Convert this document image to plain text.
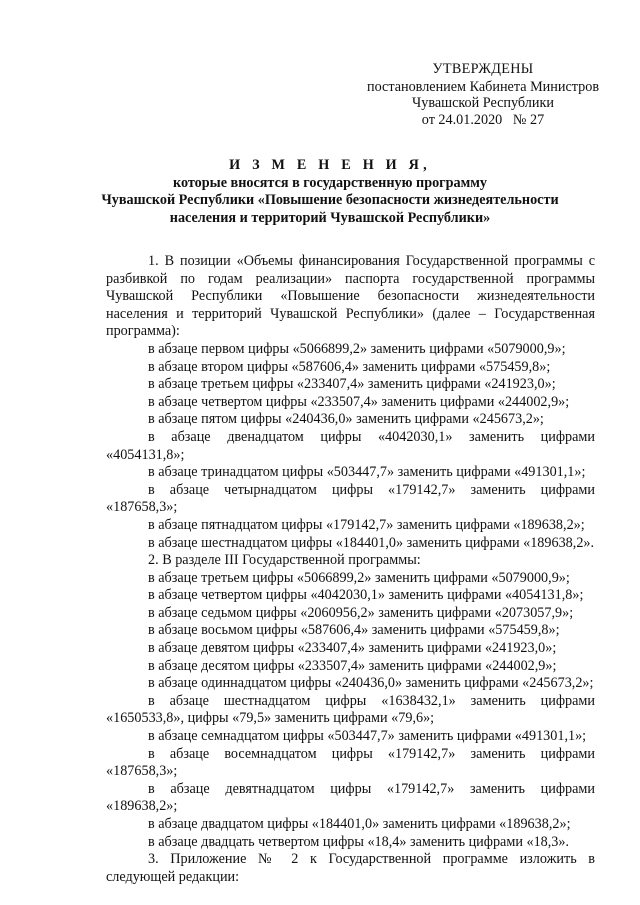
УТВЕРЖДЕНЫ
постановлением Кабинета Министров
Чувашской Республики
от 24.01.2020   № 27
И З М Е Н Е Н И Я,
которые вносятся в государственную программу
Чувашской Республики «Повышение безопасности жизнедеятельности
населения и территорий Чувашской Республики»

1. В позиции «Объемы финансирования Государственной программы с разбивкой по годам реализации» паспорта государственной программы Чувашской Республики «Повышение безопасности жизнедеятельности населения и территорий Чувашской Республики» (далее – Государственная программа):

в абзаце первом цифры «5066899,2» заменить цифрами «5079000,9»;

в абзаце втором цифры «587606,4» заменить цифрами «575459,8»;

в абзаце третьем цифры «233407,4» заменить цифрами «241923,0»;

в абзаце четвертом цифры «233507,4» заменить цифрами «244002,9»;

в абзаце пятом цифры «240436,0» заменить цифрами «245673,2»;

в абзаце двенадцатом цифры «4042030,1» заменить цифрами «4054131,8»;

в абзаце тринадцатом цифры «503447,7» заменить цифрами «491301,1»;

в абзаце четырнадцатом цифры «179142,7» заменить цифрами «187658,3»;

в абзаце пятнадцатом цифры «179142,7» заменить цифрами «189638,2»;

в абзаце шестнадцатом цифры «184401,0» заменить цифрами «189638,2».

2. В разделе III Государственной программы:

в абзаце третьем цифры «5066899,2» заменить цифрами «5079000,9»;

в абзаце четвертом цифры «4042030,1» заменить цифрами «4054131,8»;

в абзаце седьмом цифры «2060956,2» заменить цифрами «2073057,9»;

в абзаце восьмом цифры «587606,4» заменить цифрами «575459,8»;

в абзаце девятом цифры «233407,4» заменить цифрами «241923,0»;

в абзаце десятом цифры «233507,4» заменить цифрами «244002,9»;

в абзаце одиннадцатом цифры «240436,0» заменить цифрами «245673,2»;

в абзаце шестнадцатом цифры «1638432,1» заменить цифрами «1650533,8», цифры «79,5» заменить цифрами «79,6»;

в абзаце семнадцатом цифры «503447,7» заменить цифрами «491301,1»;

в абзаце восемнадцатом цифры «179142,7» заменить цифрами «187658,3»;

в абзаце девятнадцатом цифры «179142,7» заменить цифрами «189638,2»;

в абзаце двадцатом цифры «184401,0» заменить цифрами «189638,2»;

в абзаце двадцать четвертом цифры «18,4» заменить цифрами «18,3».

3. Приложение № 2 к Государственной программе изложить в следующей редакции:
